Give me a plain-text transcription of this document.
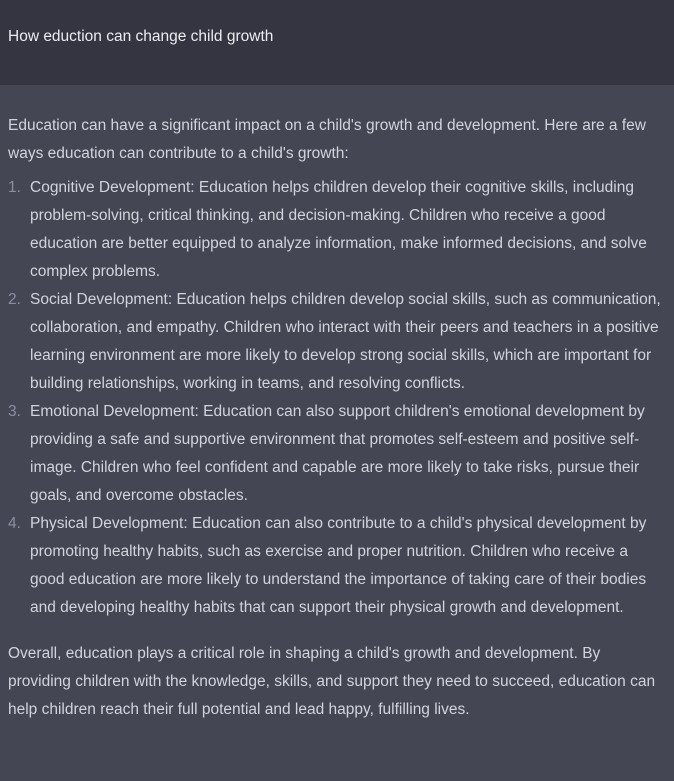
How eduction can change child growth

Education can have a significant impact on a child's growth and development. Here are a few ways education can contribute to a child's growth:

1. Cognitive Development: Education helps children develop their cognitive skills, including problem-solving, critical thinking, and decision-making. Children who receive a good education are better equipped to analyze information, make informed decisions, and solve complex problems.
2. Social Development: Education helps children develop social skills, such as communication, collaboration, and empathy. Children who interact with their peers and teachers in a positive learning environment are more likely to develop strong social skills, which are important for building relationships, working in teams, and resolving conflicts.
3. Emotional Development: Education can also support children's emotional development by providing a safe and supportive environment that promotes self-esteem and positive self-image. Children who feel confident and capable are more likely to take risks, pursue their goals, and overcome obstacles.
4. Physical Development: Education can also contribute to a child's physical development by promoting healthy habits, such as exercise and proper nutrition. Children who receive a good education are more likely to understand the importance of taking care of their bodies and developing healthy habits that can support their physical growth and development.

Overall, education plays a critical role in shaping a child's growth and development. By providing children with the knowledge, skills, and support they need to succeed, education can help children reach their full potential and lead happy, fulfilling lives.
